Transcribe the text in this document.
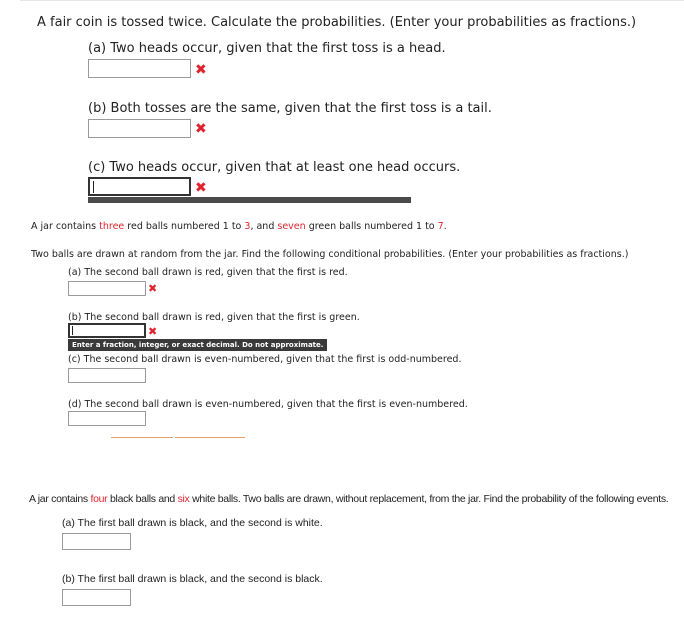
A fair coin is tossed twice. Calculate the probabilities. (Enter your probabilities as fractions.)
(a) Two heads occur, given that the first toss is a head.
✖
(b) Both tosses are the same, given that the first toss is a tail.
✖
(c) Two heads occur, given that at least one head occurs.
✖
A jar contains three red balls numbered 1 to 3, and seven green balls numbered 1 to 7.
Two balls are drawn at random from the jar. Find the following conditional probabilities. (Enter your probabilities as fractions.)
(a) The second ball drawn is red, given that the first is red.
✖
(b) The second ball drawn is red, given that the first is green.
✖
Enter a fraction, integer, or exact decimal. Do not approximate.
(c) The second ball drawn is even-numbered, given that the first is odd-numbered.
(d) The second ball drawn is even-numbered, given that the first is even-numbered.
A jar contains four black balls and six white balls. Two balls are drawn, without replacement, from the jar. Find the probability of the following events.
(a) The first ball drawn is black, and the second is white.
(b) The first ball drawn is black, and the second is black.
